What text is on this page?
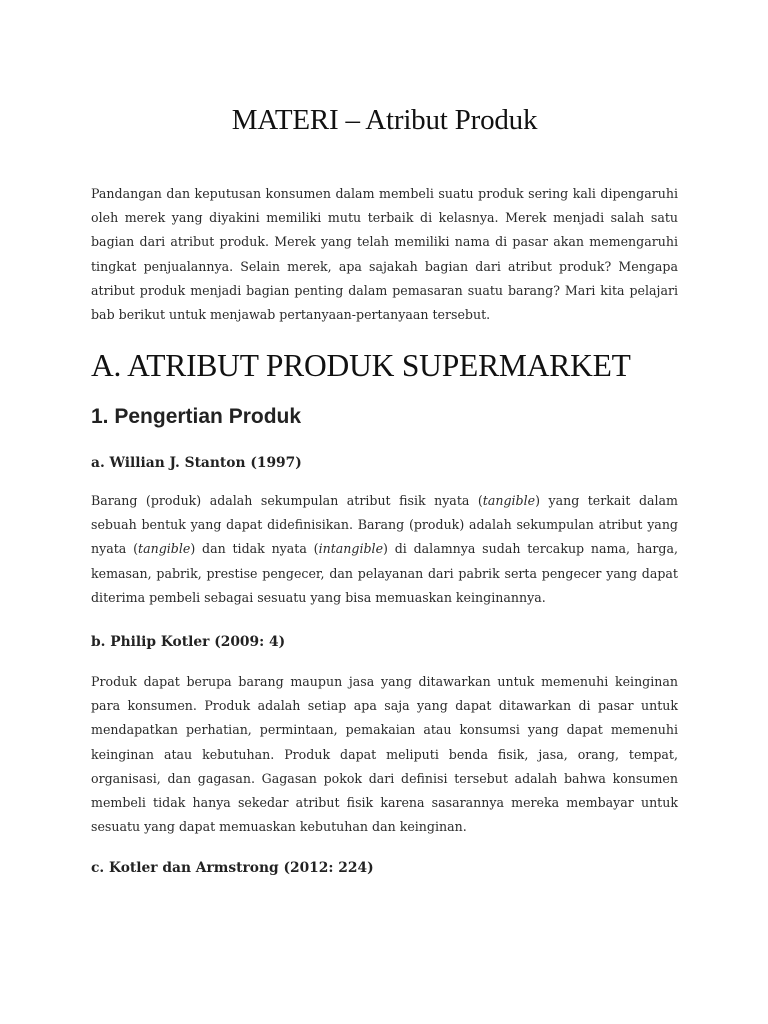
MATERI – Atribut Produk

Pandangan dan keputusan konsumen dalam membeli suatu produk sering kali dipengaruhi oleh merek yang diyakini memiliki mutu terbaik di kelasnya. Merek menjadi salah satu bagian dari atribut produk. Merek yang telah memiliki nama di pasar akan memengaruhi tingkat penjualannya. Selain merek, apa sajakah bagian dari atribut produk? Mengapa atribut produk menjadi bagian penting dalam pemasaran suatu barang? Mari kita pelajari bab berikut untuk menjawab pertanyaan-pertanyaan tersebut.

A. ATRIBUT PRODUK SUPERMARKET
1. Pengertian Produk
a. Willian J. Stanton (1997)

Barang (produk) adalah sekumpulan atribut fisik nyata (tangible) yang terkait dalam sebuah bentuk yang dapat didefinisikan. Barang (produk) adalah sekumpulan atribut yang nyata (tangible) dan tidak nyata (intangible) di dalamnya sudah tercakup nama, harga, kemasan, pabrik, prestise pengecer, dan pelayanan dari pabrik serta pengecer yang dapat diterima pembeli sebagai sesuatu yang bisa memuaskan keinginannya.

b. Philip Kotler (2009: 4)

Produk dapat berupa barang maupun jasa yang ditawarkan untuk memenuhi keinginan para konsumen. Produk adalah setiap apa saja yang dapat ditawarkan di pasar untuk mendapatkan perhatian, permintaan, pemakaian atau konsumsi yang dapat memenuhi keinginan atau kebutuhan. Produk dapat meliputi benda fisik, jasa, orang, tempat, organisasi, dan gagasan. Gagasan pokok dari definisi tersebut adalah bahwa konsumen membeli tidak hanya sekedar atribut fisik karena sasarannya mereka membayar untuk sesuatu yang dapat memuaskan kebutuhan dan keinginan.

c. Kotler dan Armstrong (2012: 224)
